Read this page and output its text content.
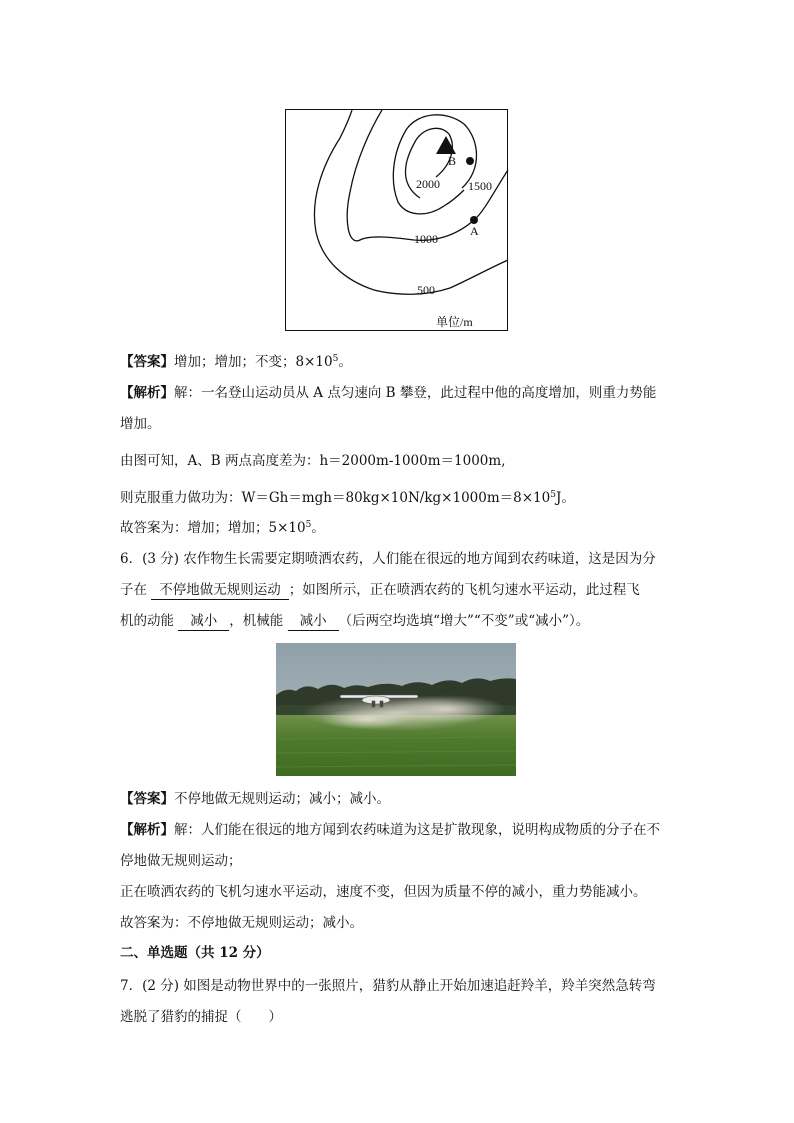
B
A
2000 1500
1000
500
单位/m
【答案】增加；增加；不变；$8\times 10^5$。
【解析】解：一名登山运动员从 A 点匀速向 B 攀登，此过程中他的高度增加，则重力势能
增加。
由图可知，A、B 两点高度差为：h＝2000m-1000m＝1000m,
则克服重力做功为：$W=Gh=mgh=80kg\times 10N/kg\times 1000m=8\times 10^5J$。
故答案为：增加；增加；$5\times 10^5$。
6．(3 分) 农作物生长需要定期喷洒农药，人们能在很远的地方闻到农药味道，这是因为分
子在 不停地做无规则运动 ；如图所示，正在喷洒农药的飞机匀速水平运动，此过程飞
机的动能 减小 ，机械能 减小 （后两空均选填“增大”“不变”或“减小”）。
【答案】不停地做无规则运动；减小；减小。
【解析】解：人们能在很远的地方闻到农药味道为这是扩散现象，说明构成物质的分子在不
停地做无规则运动；
正在喷洒农药的飞机匀速水平运动，速度不变，但因为质量不停的减小，重力势能减小。
故答案为：不停地做无规则运动；减小。
二、单选题（共 12 分）
7．(2 分) 如图是动物世界中的一张照片，猎豹从静止开始加速追赶羚羊，羚羊突然急转弯
逃脱了猎豹的捕捉（　　）
